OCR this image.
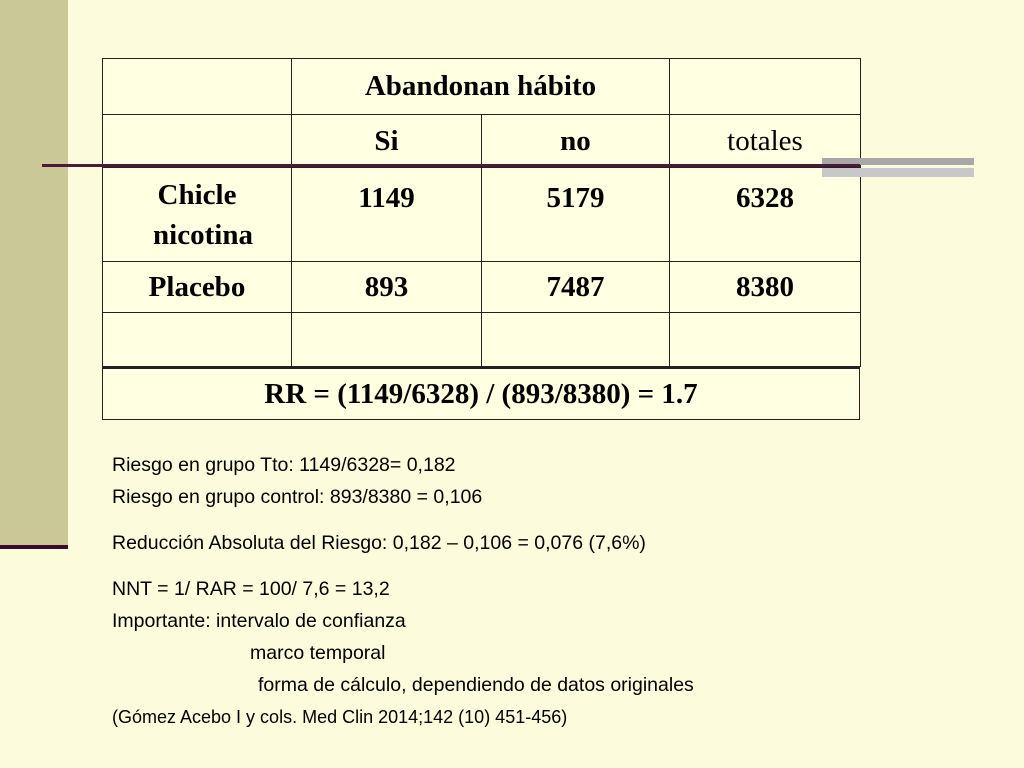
	Abandonan hábito		
	Si	no	totales
Chicle
nicotina	1149	5179	6328
Placebo	893	7487	8380

RR = (1149/6328) / (893/8380) = 1.7
Riesgo en grupo Tto: 1149/6328= 0,182
Riesgo en grupo control: 893/8380 = 0,106
Reducción Absoluta del Riesgo: 0,182 – 0,106 = 0,076 (7,6%)
NNT = 1/ RAR = 100/ 7,6 = 13,2
Importante: intervalo de confianza
marco temporal
forma de cálculo, dependiendo de datos originales
(Gómez Acebo I y cols. Med Clin 2014;142 (10) 451-456)
